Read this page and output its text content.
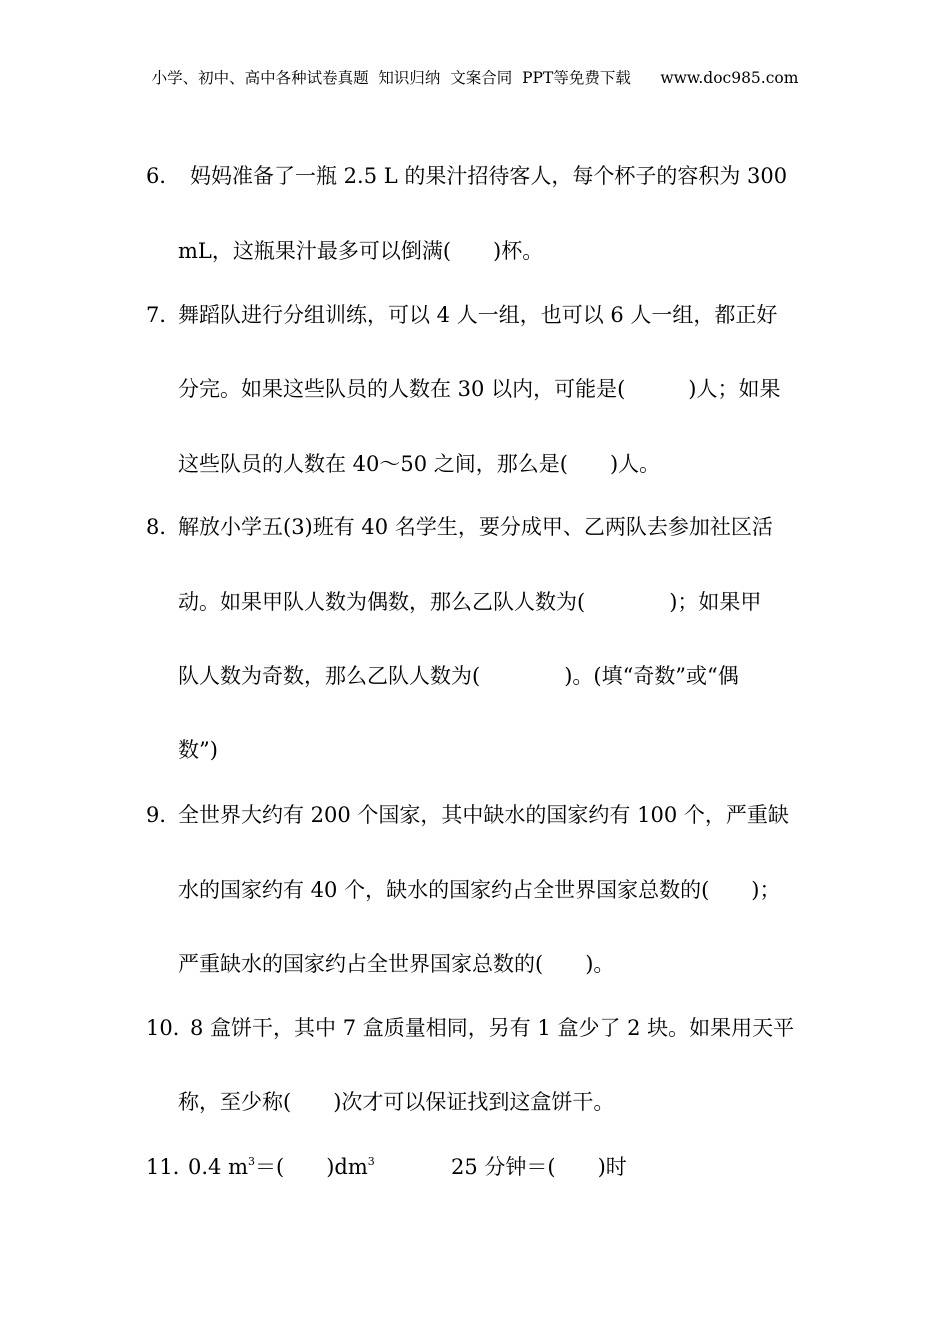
小学、初中、高中各种试卷真题  知识归纳  文案合同  PPT等免费下载      www.doc985.com
6． 妈妈准备了一瓶 2.5 L 的果汁招待客人，每个杯子的容积为 300
mL，这瓶果汁最多可以倒满(　　)杯。
7．
舞蹈队进行分组训练，可以 4 人一组，也可以 6 人一组，都正好
分完。如果这些队员的人数在 30 以内，可能是(　　　)人；如果
这些队员的人数在 40～50 之间，那么是(　　)人。
8．
解放小学五(3)班有 40 名学生，要分成甲、乙两队去参加社区活
动。如果甲队人数为偶数，那么乙队人数为(　　　　)；如果甲
队人数为奇数，那么乙队人数为(　　　　)。(填“奇数”或“偶
数”)
9．
全世界大约有 200 个国家，其中缺水的国家约有 100 个，严重缺
水的国家约有 40 个，缺水的国家约占全世界国家总数的(　　)；
严重缺水的国家约占全世界国家总数的(　　)。
10．
8 盒饼干，其中 7 盒质量相同，另有 1 盒少了 2 块。如果用天平
称，至少称(　　)次才可以保证找到这盒饼干。
11．
0.4 $m^3=$(　　)$dm^3$	25 分钟＝(　　)时
